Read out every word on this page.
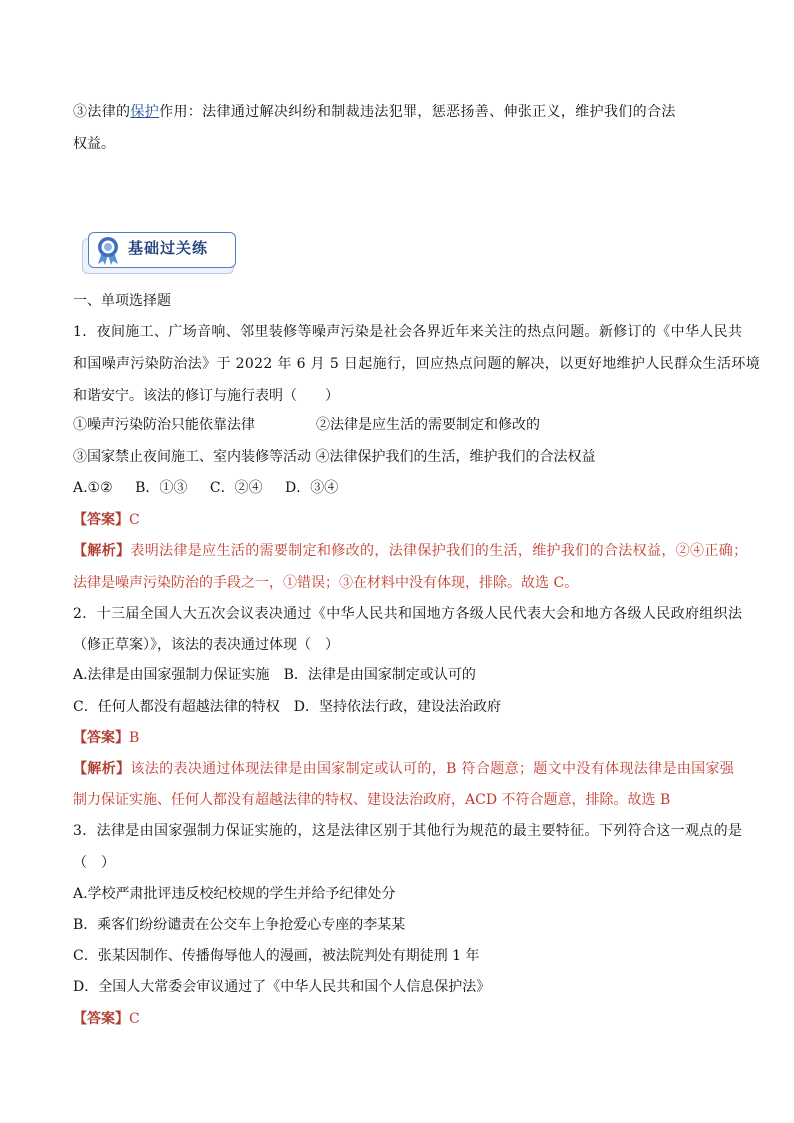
③法律的保护作用：法律通过解决纠纷和制裁违法犯罪，惩恶扬善、伸张正义，维护我们的合法
权益。
基础过关练
一、单项选择题
1．夜间施工、广场音响、邻里装修等噪声污染是社会各界近年来关注的热点问题。新修订的《中华人民共
和国噪声污染防治法》于 2022 年 6 月 5 日起施行，回应热点问题的解决，以更好地维护人民群众生活环境
和谐安宁。该法的修订与施行表明（　　）
①噪声污染防治只能依靠法律	②法律是应生活的需要制定和修改的
③国家禁止夜间施工、室内装修等活动 ④法律保护我们的生活，维护我们的合法权益
A.①② B．①③ C．②④ D．③④
【答案】C
【解析】表明法律是应生活的需要制定和修改的，法律保护我们的生活，维护我们的合法权益，②④正确；
法律是噪声污染防治的手段之一，①错误；③在材料中没有体现，排除。故选 C。
2．十三届全国人大五次会议表决通过《中华人民共和国地方各级人民代表大会和地方各级人民政府组织法
（修正草案）》，该法的表决通过体现（　）
A.法律是由国家强制力保证实施　 B．法律是由国家制定或认可的
C．任何人都没有超越法律的特权　 D．坚持依法行政，建设法治政府
【答案】B
【解析】该法的表决通过体现法律是由国家制定或认可的，B 符合题意；题文中没有体现法律是由国家强
制力保证实施、任何人都没有超越法律的特权、建设法治政府，ACD 不符合题意，排除。故选 B
3．法律是由国家强制力保证实施的，这是法律区别于其他行为规范的最主要特征。下列符合这一观点的是
（　）
A.学校严肃批评违反校纪校规的学生并给予纪律处分
B．乘客们纷纷谴责在公交车上争抢爱心专座的李某某
C．张某因制作、传播侮辱他人的漫画，被法院判处有期徒刑 1 年
D．全国人大常委会审议通过了《中华人民共和国个人信息保护法》
【答案】C
